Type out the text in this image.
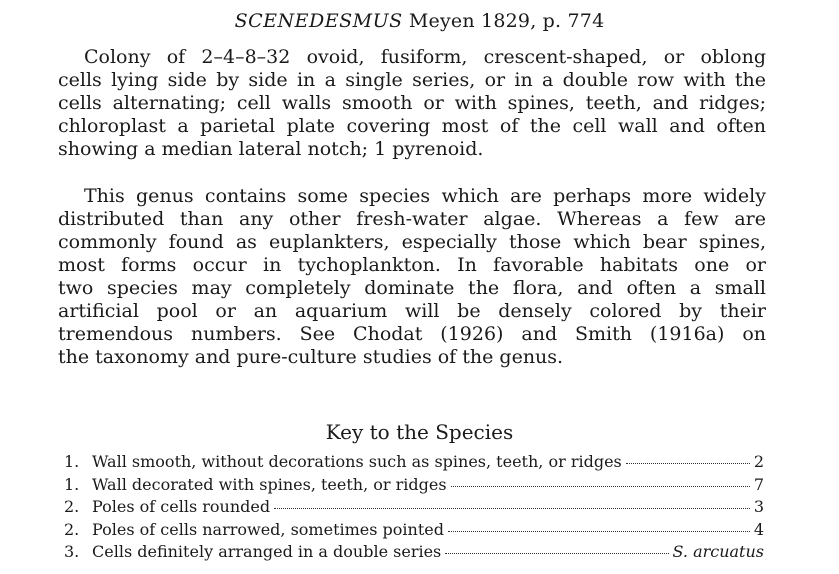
SCENEDESMUS Meyen 1829, p. 774
Colony of 2–4–8–32 ovoid, fusiform, crescent-shaped, or oblong
cells lying side by side in a single series, or in a double row with the
cells alternating; cell walls smooth or with spines, teeth, and ridges;
chloroplast a parietal plate covering most of the cell wall and often
showing a median lateral notch; 1 pyrenoid.
This genus contains some species which are perhaps more widely
distributed than any other fresh-water algae. Whereas a few are
commonly found as euplankters, especially those which bear spines,
most forms occur in tychoplankton. In favorable habitats one or
two species may completely dominate the flora, and often a small
artificial pool or an aquarium will be densely colored by their
tremendous numbers. See Chodat (1926) and Smith (1916a) on
the taxonomy and pure-culture studies of the genus.
Key to the Species
1. Wall smooth, without decorations such as spines, teeth, or ridges	2
1. Wall decorated with spines, teeth, or ridges	7
2. Poles of cells rounded	3
2. Poles of cells narrowed, sometimes pointed	4
3. Cells definitely arranged in a double series	S. arcuatus
